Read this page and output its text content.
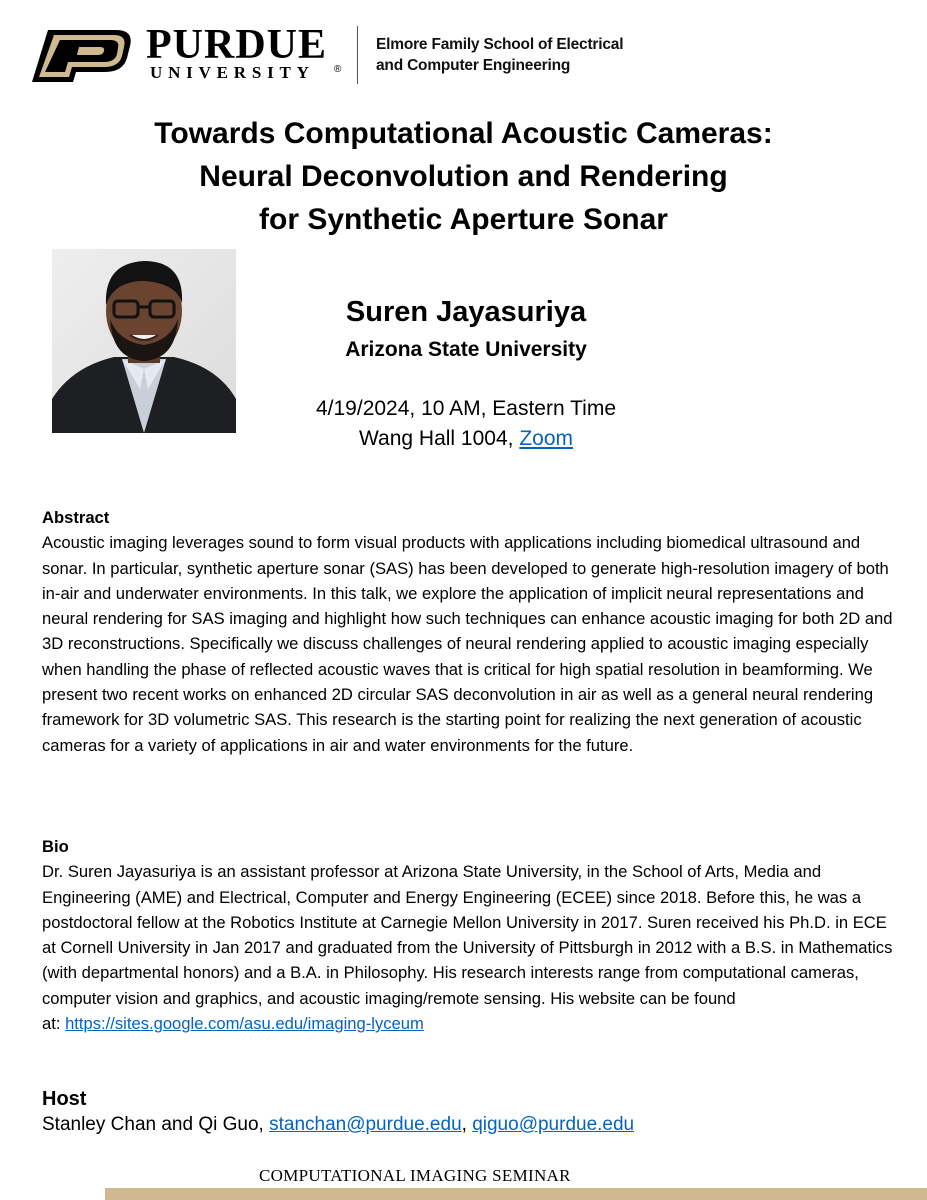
PURDUE
UNIVERSITY ®
Elmore Family School of Electrical
and Computer Engineering
Towards Computational Acoustic Cameras:
Neural Deconvolution and Rendering
for Synthetic Aperture Sonar
Suren Jayasuriya
Arizona State University
4/19/2024, 10 AM, Eastern Time
Wang Hall 1004, Zoom
Abstract
Acoustic imaging leverages sound to form visual products with applications including biomedical ultrasound and sonar. In particular, synthetic aperture sonar (SAS) has been developed to generate high-resolution imagery of both in-air and underwater environments. In this talk, we explore the application of implicit neural representations and neural rendering for SAS imaging and highlight how such techniques can enhance acoustic imaging for both 2D and 3D reconstructions. Specifically we discuss challenges of neural rendering applied to acoustic imaging especially when handling the phase of reflected acoustic waves that is critical for high spatial resolution in beamforming. We present two recent works on enhanced 2D circular SAS deconvolution in air as well as a general neural rendering framework for 3D volumetric SAS. This research is the starting point for realizing the next generation of acoustic cameras for a variety of applications in air and water environments for the future.
Bio
Dr. Suren Jayasuriya is an assistant professor at Arizona State University, in the School of Arts, Media and Engineering (AME) and Electrical, Computer and Energy Engineering (ECEE) since 2018. Before this, he was a postdoctoral fellow at the Robotics Institute at Carnegie Mellon University in 2017. Suren received his Ph.D. in ECE at Cornell University in Jan 2017 and graduated from the University of Pittsburgh in 2012 with a B.S. in Mathematics (with departmental honors) and a B.A. in Philosophy. His research interests range from computational cameras, computer vision and graphics, and acoustic imaging/remote sensing. His website can be found
at: https://sites.google.com/asu.edu/imaging-lyceum
Host
Stanley Chan and Qi Guo, stanchan@purdue.edu, qiguo@purdue.edu
COMPUTATIONAL IMAGING SEMINAR
